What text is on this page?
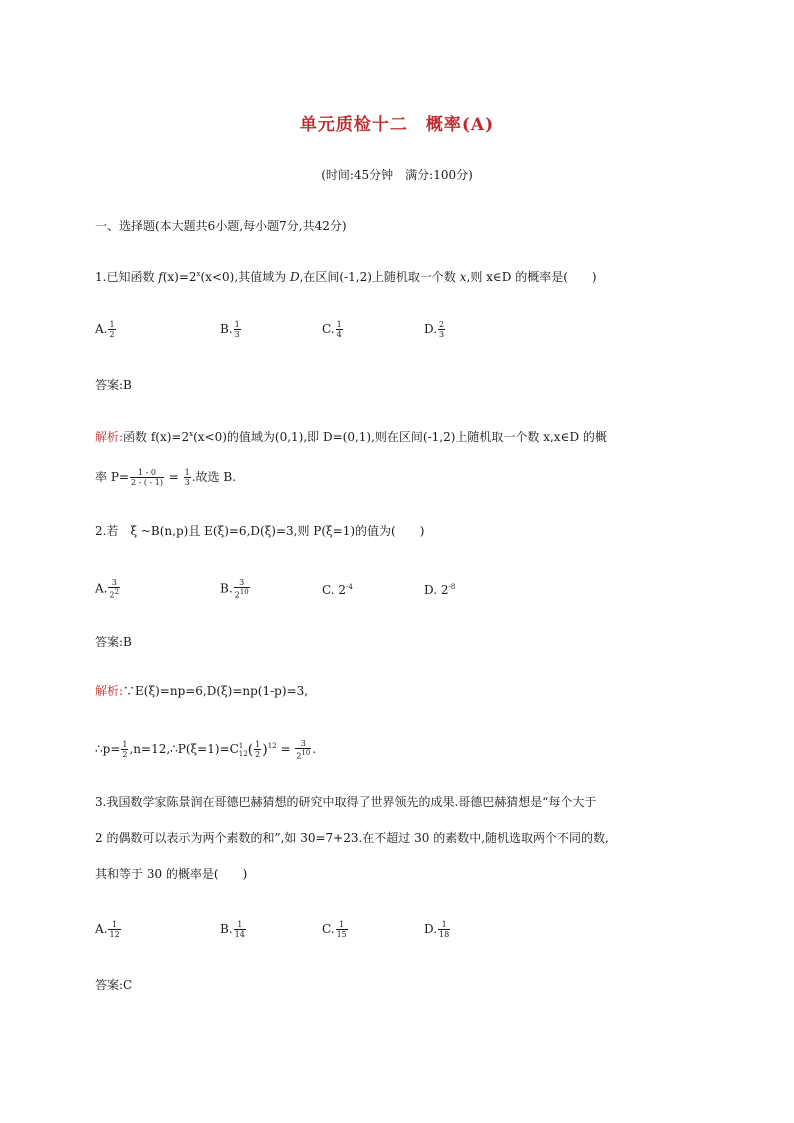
单元质检十二　概率(A)
(时间:45分钟　满分:100分)
一、选择题(本大题共6小题,每小题7分,共42分)
1.已知函数 $f(x)=2^x(x<0)$,其值域为 D,在区间(-1,2)上随机取一个数 x,则 x∈D 的概率是(　　)
A. $\frac{1}{2}$	B. $\frac{1}{3}$	C. $\frac{1}{4}$	D. $\frac{2}{3}$
答案:B
解析:函数 $f(x)=2^x(x<0)$的值域为(0,1),即 D=(0,1),则在区间(-1,2)上随机取一个数 x,x∈D 的概
率 $P= \frac{1 - 0}{2 - ( - 1)} = \frac{1}{3}$ .故选 B.
2.若　ξ ~B(n,p)且 E(ξ)=6,D(ξ)=3,则 P(ξ=1)的值为(　　)
A. $\frac{3}{2^2}$	B. $\frac{3}{2^{10}}$	C. $2^{-4}$	D. $2^{-8}$
答案:B
解析:∵E(ξ)=np=6,D(ξ)=np(1-p)=3,
∴p= $\frac{1}{2}$ ,n=12,∴P(ξ=1)=C 1
12 ( $\frac{1}{2} )^{12} = \frac{3}{2^{10}}$ .
3.我国数学家陈景润在哥德巴赫猜想的研究中取得了世界领先的成果.哥德巴赫猜想是“每个大于
2 的偶数可以表示为两个素数的和”,如 30=7+23.在不超过 30 的素数中,随机选取两个不同的数,
其和等于 30 的概率是(　　)
A. $\frac{1}{12}$	B. $\frac{1}{14}$	C. $\frac{1}{15}$	D. $\frac{1}{18}$
答案:C
